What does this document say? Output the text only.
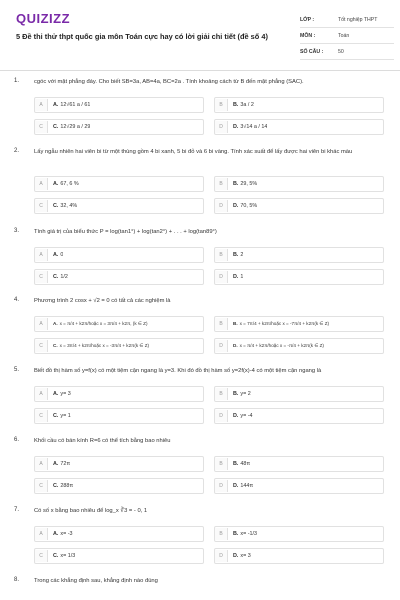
QUIZIZZ
5 Đề thi thử thpt quốc gia môn Toán cực hay có lời giải chi tiết (đề số 4)
LỚP :	Tốt nghiệp THPT
MÔN :	Toán
SỐ CÂU :	50
1.	cgóc với mặt phẳng đáy. Cho biết SB=3a, AB=4a, BC=2a . Tính khoảng cách từ B đến mặt phẳng (SAC).
A	A. 12√61 a / 61	B	B. 3a / 2
C	C. 12√29 a / 29	D	D. 3√14 a / 14
2.	Lấy ngẫu nhiên hai viên bi từ một thùng gồm 4 bi xanh, 5 bi đỏ và 6 bi vàng. Tính xác suất để lấy được hai viên bi khác màu
A	A. 67, 6 %	B	B. 29, 5%
C	C. 32, 4%	D	D. 70, 5%
3.	Tính giá trị của biểu thức P = log(tan1°) + log(tan2°) + . . . + log(tan89°)
A	A. 0	B	B. 2
C	C. 1/2	D	D. 1
4.	Phương trình 2 cosx + √2 = 0 có tất cả các nghiệm là
A	A. x = π/4 + k2π/hoặc x = 3π/4 + k2π, (k ∈ Z)	B	B. x = 7π/4 + k2π/hoặc x = -7π/4 + k2π(k ∈ Z)
C	C. x = 3π/4 + k2π/hoặc x = -3π/4 + k2π(k ∈ Z)	D	D. x = π/4 + k2π/hoặc x = -π/4 + k2π(k ∈ Z)
5.	Biết đồ thị hàm số y=f(x) có một tiệm cận ngang là y=3. Khi đó đồ thị hàm số y=2f(x)-4 có một tiệm cận ngang là
A	A. y= 3	B	B. y= 2
C	C. y= 1	D	D. y= -4
6.	Khối cầu có bán kính R=6 có thể tích bằng bao nhiêu
A	A. 72π	B	B. 48π
C	C. 288π	D	D. 144π
7.	Có số x bằng bao nhiêu để log_x ∛3 = - 0, 1
A	A. x= -3	B	B. x= -1/3
C	C. x= 1/3	D	D. x= 3
8.	Trong các khẳng định sau, khẳng định nào đúng
